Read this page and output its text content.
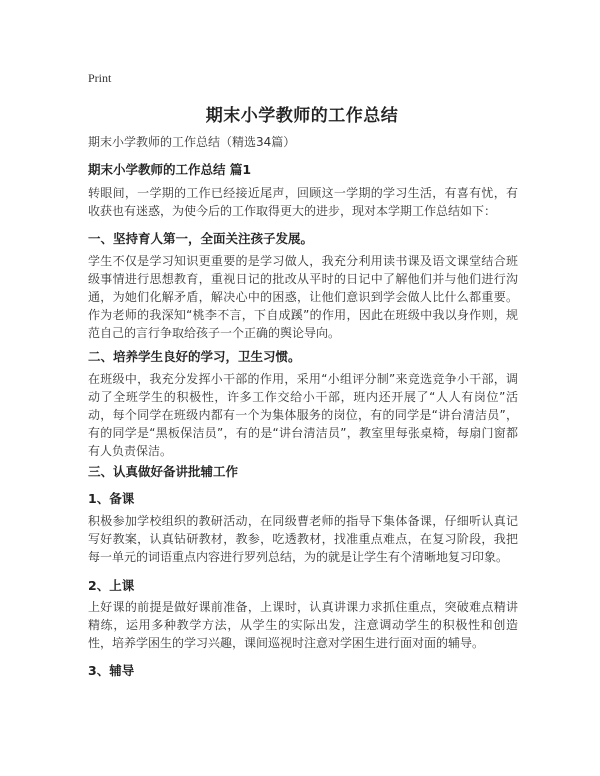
Print
期末小学教师的工作总结
期末小学教师的工作总结（精选34篇）
期末小学教师的工作总结 篇1
转眼间，一学期的工作已经接近尾声，回顾这一学期的学习生活，有喜有忧，有收获也有迷惑，为使今后的工作取得更大的进步，现对本学期工作总结如下：
一、坚持育人第一，全面关注孩子发展。
学生不仅是学习知识更重要的是学习做人，我充分利用读书课及语文课堂结合班级事情进行思想教育，重视日记的批改从平时的日记中了解他们并与他们进行沟通，为她们化解矛盾，解决心中的困惑，让他们意识到学会做人比什么都重要。作为老师的我深知“桃李不言，下自成蹊”的作用，因此在班级中我以身作则，规范自己的言行争取给孩子一个正确的舆论导向。
二、培养学生良好的学习，卫生习惯。
在班级中，我充分发挥小干部的作用，采用“小组评分制”来竞选竞争小干部，调动了全班学生的积极性，许多工作交给小干部，班内还开展了“人人有岗位”活动，每个同学在班级内都有一个为集体服务的岗位，有的同学是“讲台清洁员”，有的同学是“黑板保洁员”，有的是“讲台清洁员”，教室里每张桌椅，每扇门窗都有人负责保洁。
三、认真做好备讲批辅工作
1、备课
积极参加学校组织的教研活动，在同级曹老师的指导下集体备课，仔细听认真记写好教案，认真钻研教材，教参，吃透教材，找准重点难点，在复习阶段，我把每一单元的词语重点内容进行罗列总结，为的就是让学生有个清晰地复习印象。
2、上课
上好课的前提是做好课前准备，上课时，认真讲课力求抓住重点，突破难点精讲精练，运用多种教学方法，从学生的实际出发，注意调动学生的积极性和创造性，培养学困生的学习兴趣，课间巡视时注意对学困生进行面对面的辅导。
3、辅导
